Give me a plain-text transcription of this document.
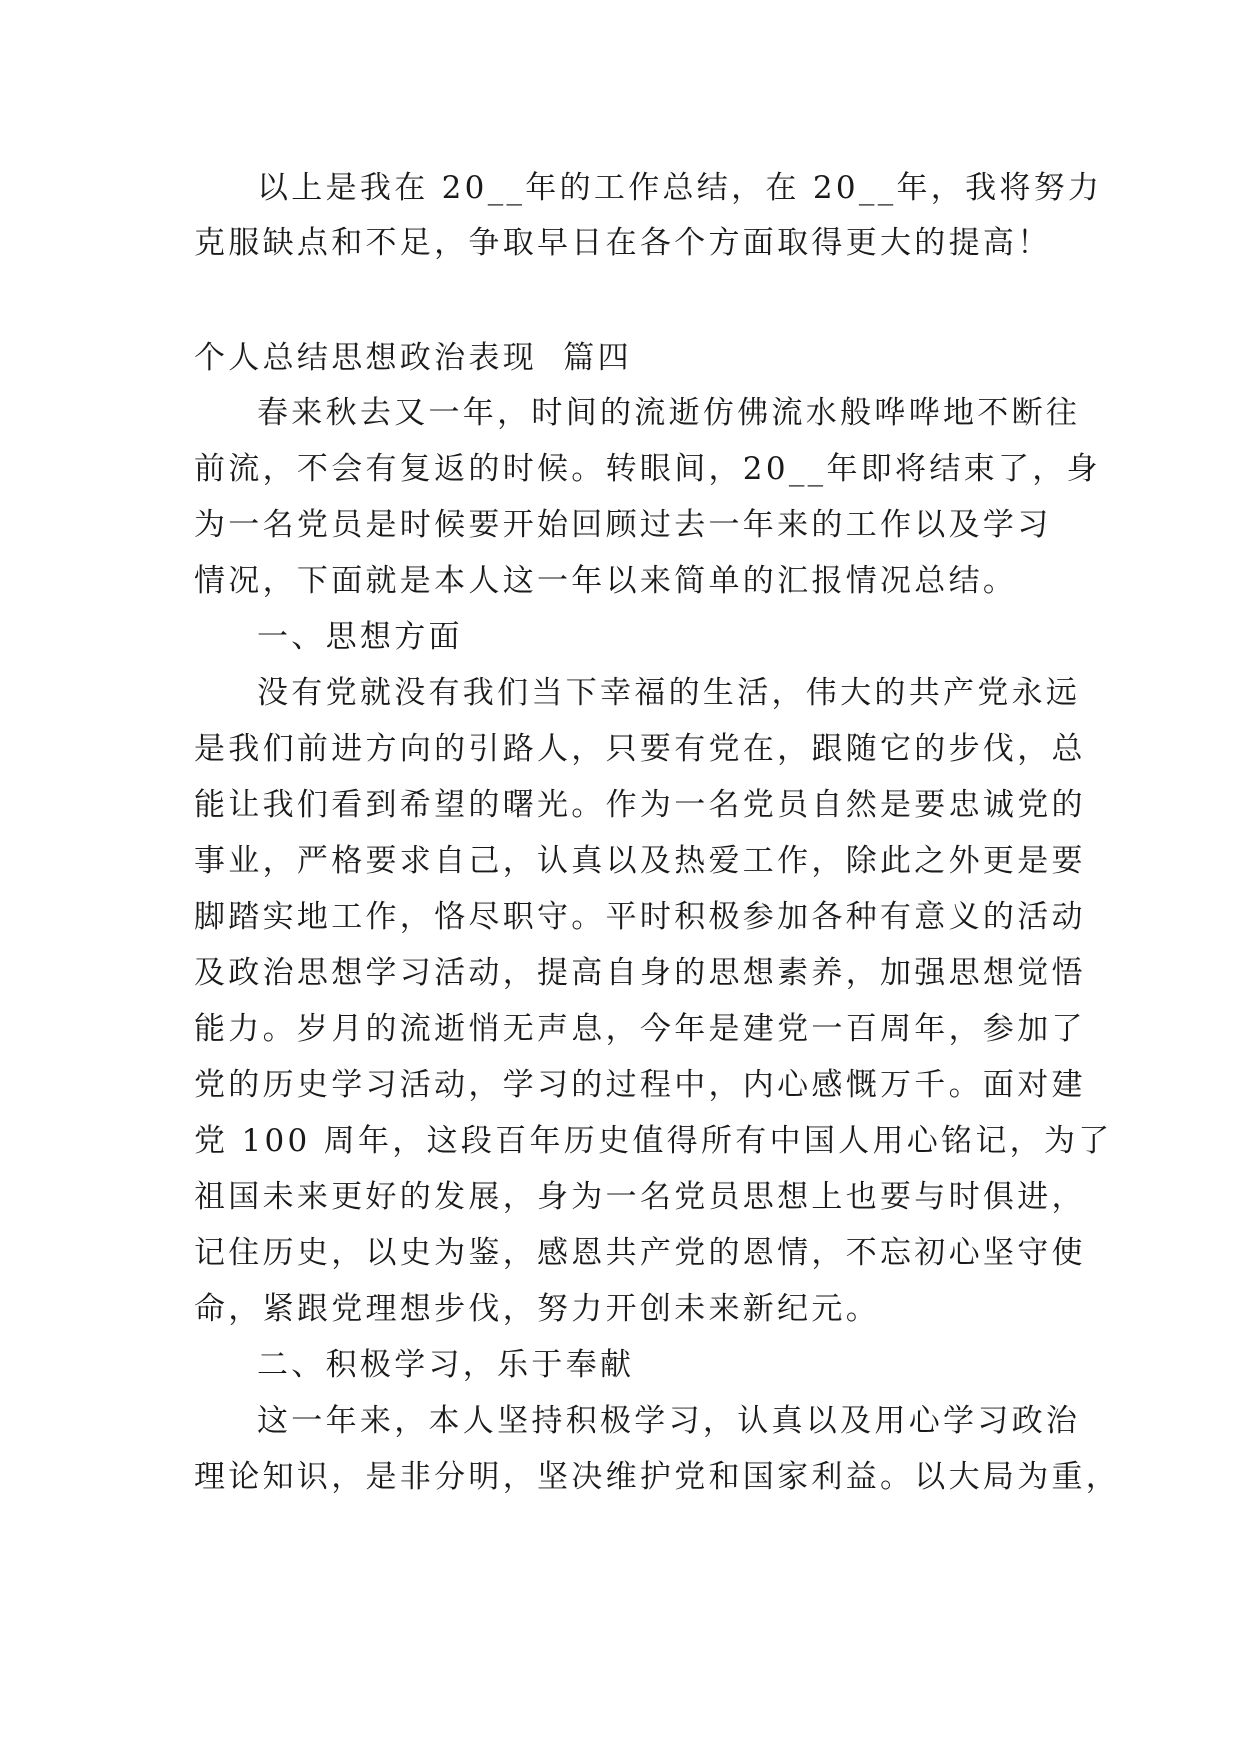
以上是我在 20__年的工作总结，在 20__年，我将努力
克服缺点和不足，争取早日在各个方面取得更大的提高！
个人总结思想政治表现  篇四
春来秋去又一年，时间的流逝仿佛流水般哗哗地不断往
前流，不会有复返的时候。转眼间，20__年即将结束了，身
为一名党员是时候要开始回顾过去一年来的工作以及学习
情况，下面就是本人这一年以来简单的汇报情况总结。
一、思想方面
没有党就没有我们当下幸福的生活，伟大的共产党永远
是我们前进方向的引路人，只要有党在，跟随它的步伐，总
能让我们看到希望的曙光。作为一名党员自然是要忠诚党的
事业，严格要求自己，认真以及热爱工作，除此之外更是要
脚踏实地工作，恪尽职守。平时积极参加各种有意义的活动
及政治思想学习活动，提高自身的思想素养，加强思想觉悟
能力。岁月的流逝悄无声息，今年是建党一百周年，参加了
党的历史学习活动，学习的过程中，内心感慨万千。面对建
党 100 周年，这段百年历史值得所有中国人用心铭记，为了
祖国未来更好的发展，身为一名党员思想上也要与时俱进，
记住历史，以史为鉴，感恩共产党的恩情，不忘初心坚守使
命，紧跟党理想步伐，努力开创未来新纪元。
二、积极学习，乐于奉献
这一年来，本人坚持积极学习，认真以及用心学习政治
理论知识，是非分明，坚决维护党和国家利益。以大局为重，
